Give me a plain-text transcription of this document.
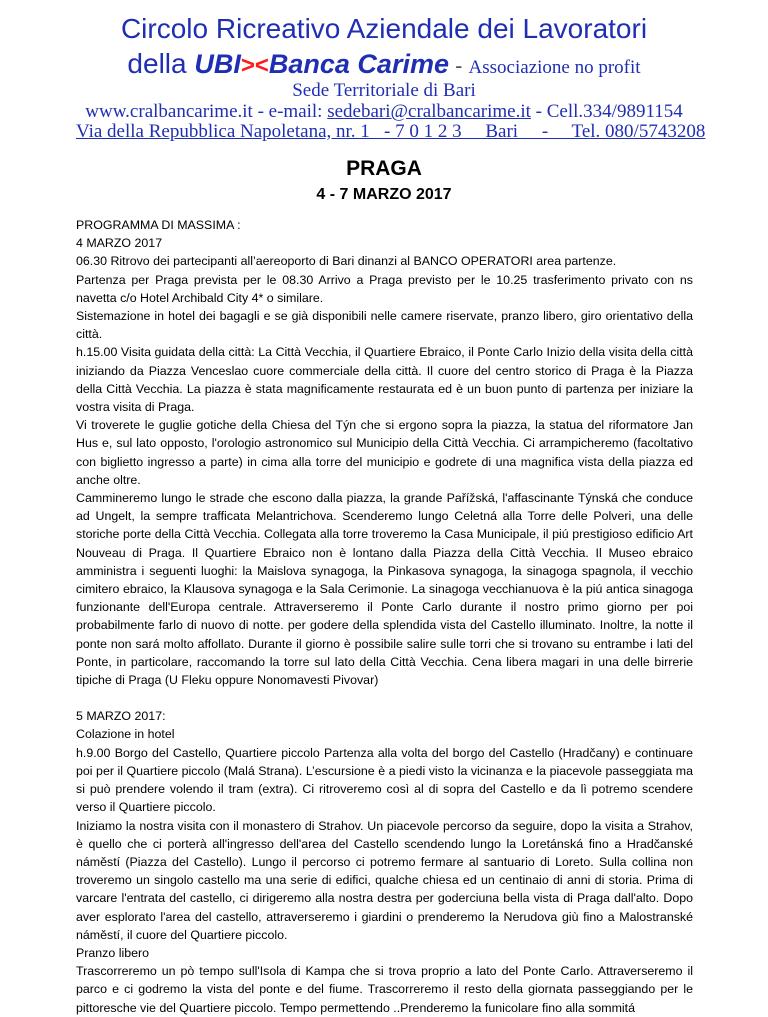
Circolo Ricreativo Aziendale dei Lavoratori
della UBI><Banca Carime - Associazione no profit
Sede Territoriale di Bari
www.cralbancarime.it - e-mail: sedebari@cralbancarime.it - Cell.334/9891154
Via della Repubblica Napoletana, nr. 1   - 7 0 1 2 3     Bari     -     Tel. 080/5743208
PRAGA
4 - 7 MARZO 2017

PROGRAMMA DI MASSIMA :

4 MARZO 2017

06.30 Ritrovo dei partecipanti all’aereoporto di Bari dinanzi al BANCO OPERATORI area partenze.

Partenza per Praga prevista per le 08.30 Arrivo a Praga previsto per le 10.25 trasferimento privato con ns navetta c/o Hotel Archibald City 4* o similare.

Sistemazione in hotel dei bagagli e se già disponibili nelle camere riservate, pranzo libero, giro orientativo della città.

h.15.00 Visita guidata della città: La Città Vecchia, il Quartiere Ebraico, il Ponte Carlo Inizio della visita della città iniziando da Piazza Venceslao cuore commerciale della città. Il cuore del centro storico di Praga è la Piazza della Città Vecchia. La piazza è stata magnificamente restaurata ed è un buon punto di partenza per iniziare la vostra visita di Praga.

Vi troverete le guglie gotiche della Chiesa del Týn che si ergono sopra la piazza, la statua del riformatore Jan Hus e, sul lato opposto, l'orologio astronomico sul Municipio della Città Vecchia. Ci arrampicheremo (facoltativo con biglietto ingresso a parte) in cima alla torre del municipio e godrete di una magnifica vista della piazza ed anche oltre.

Cammineremo lungo le strade che escono dalla piazza, la grande Pařížská, l'affascinante Týnská che conduce ad Ungelt, la sempre trafficata Melantrichova. Scenderemo lungo Celetná alla Torre delle Polveri, una delle storiche porte della Città Vecchia. Collegata alla torre troveremo la Casa Municipale, il piú prestigioso edificio Art Nouveau di Praga. Il Quartiere Ebraico non è lontano dalla Piazza della Città Vecchia. Il Museo ebraico amministra i seguenti luoghi: la Maislova synagoga, la Pinkasova synagoga, la sinagoga spagnola, il vecchio cimitero ebraico, la Klausova synagoga e la Sala Cerimonie. La sinagoga vecchianuova è la piú antica sinagoga funzionante dell'Europa centrale. Attraverseremo il Ponte Carlo durante il nostro primo giorno per poi probabilmente farlo di nuovo di notte. per godere della splendida vista del Castello illuminato. Inoltre, la notte il ponte non sará molto affollato. Durante il giorno è possibile salire sulle torri che si trovano su entrambe i lati del Ponte, in particolare, raccomando la torre sul lato della Città Vecchia. Cena libera magari in una delle birrerie tipiche di Praga (U Fleku oppure Nonomavesti Pivovar)

5 MARZO 2017:

Colazione in hotel

h.9.00 Borgo del Castello, Quartiere piccolo Partenza alla volta del borgo del Castello (Hradčany) e continuare poi per il Quartiere piccolo (Malá Strana). L’escursione è a piedi visto la vicinanza e la piacevole passeggiata ma si può prendere volendo il tram (extra). Ci ritroveremo così al di sopra del Castello e da lì potremo scendere verso il Quartiere piccolo.

Iniziamo la nostra visita con il monastero di Strahov. Un piacevole percorso da seguire, dopo la visita a Strahov, è quello che ci porterà all'ingresso dell'area del Castello scendendo lungo la Loretánská fino a Hradčanské náměstí (Piazza del Castello). Lungo il percorso ci potremo fermare al santuario di Loreto. Sulla collina non troveremo un singolo castello ma una serie di edifici, qualche chiesa ed un centinaio di anni di storia. Prima di varcare l'entrata del castello, ci dirigeremo alla nostra destra per goderciuna bella vista di Praga dall'alto. Dopo aver esplorato l'area del castello, attraverseremo i giardini o prenderemo la Nerudova giù fino a Malostranské náměstí, il cuore del Quartiere piccolo.

Pranzo libero

Trascorreremo un pò tempo sull'Isola di Kampa che si trova proprio a lato del Ponte Carlo. Attraverseremo il parco e ci godremo la vista del ponte e del fiume. Trascorreremo il resto della giornata passeggiando per le pittoresche vie del Quartiere piccolo. Tempo permettendo ..Prenderemo la funicolare fino alla sommitá
